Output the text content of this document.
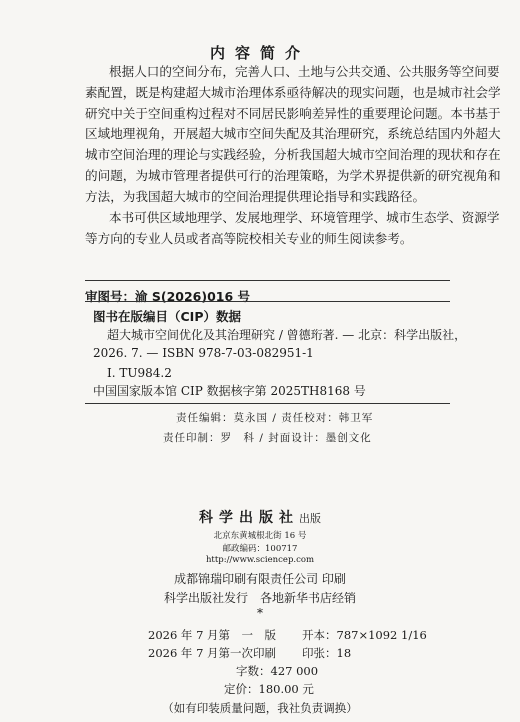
内容简介
根据人口的空间分布，完善人口、土地与公共交通、公共服务等空间要
素配置，既是构建超大城市治理体系亟待解决的现实问题，也是城市社会学
研究中关于空间重构过程对不同居民影响差异性的重要理论问题。本书基于
区域地理视角，开展超大城市空间失配及其治理研究，系统总结国内外超大
城市空间治理的理论与实践经验，分析我国超大城市空间治理的现状和存在
的问题，为城市管理者提供可行的治理策略，为学术界提供新的研究视角和
方法，为我国超大城市的空间治理提供理论指导和实践路径。
本书可供区域地理学、发展地理学、环境管理学、城市生态学、资源学
等方向的专业人员或者高等院校相关专业的师生阅读参考。
审图号：渝 S(2026)016 号
图书在版编目（CIP）数据
超大城市空间优化及其治理研究 / 曾德珩著. — 北京：科学出版社，
2026. 7. — ISBN 978-7-03-082951-1
Ⅰ. TU984.2
中国国家版本馆 CIP 数据核字第 2025TH8168 号
责任编辑：莫永国 / 责任校对：韩卫军
责任印制：罗　科 / 封面设计：墨创文化
科学出版社出版
北京东黄城根北街 16 号
邮政编码：100717
http://www.sciencep.com
成都锦瑞印刷有限责任公司 印刷
科学出版社发行　各地新华书店经销
*
2026 年 7 月第　一　版 开本：787×1092 1/16
2026 年 7 月第一次印刷 印张：18
字数：427 000
定价：180.00 元
（如有印装质量问题，我社负责调换）
